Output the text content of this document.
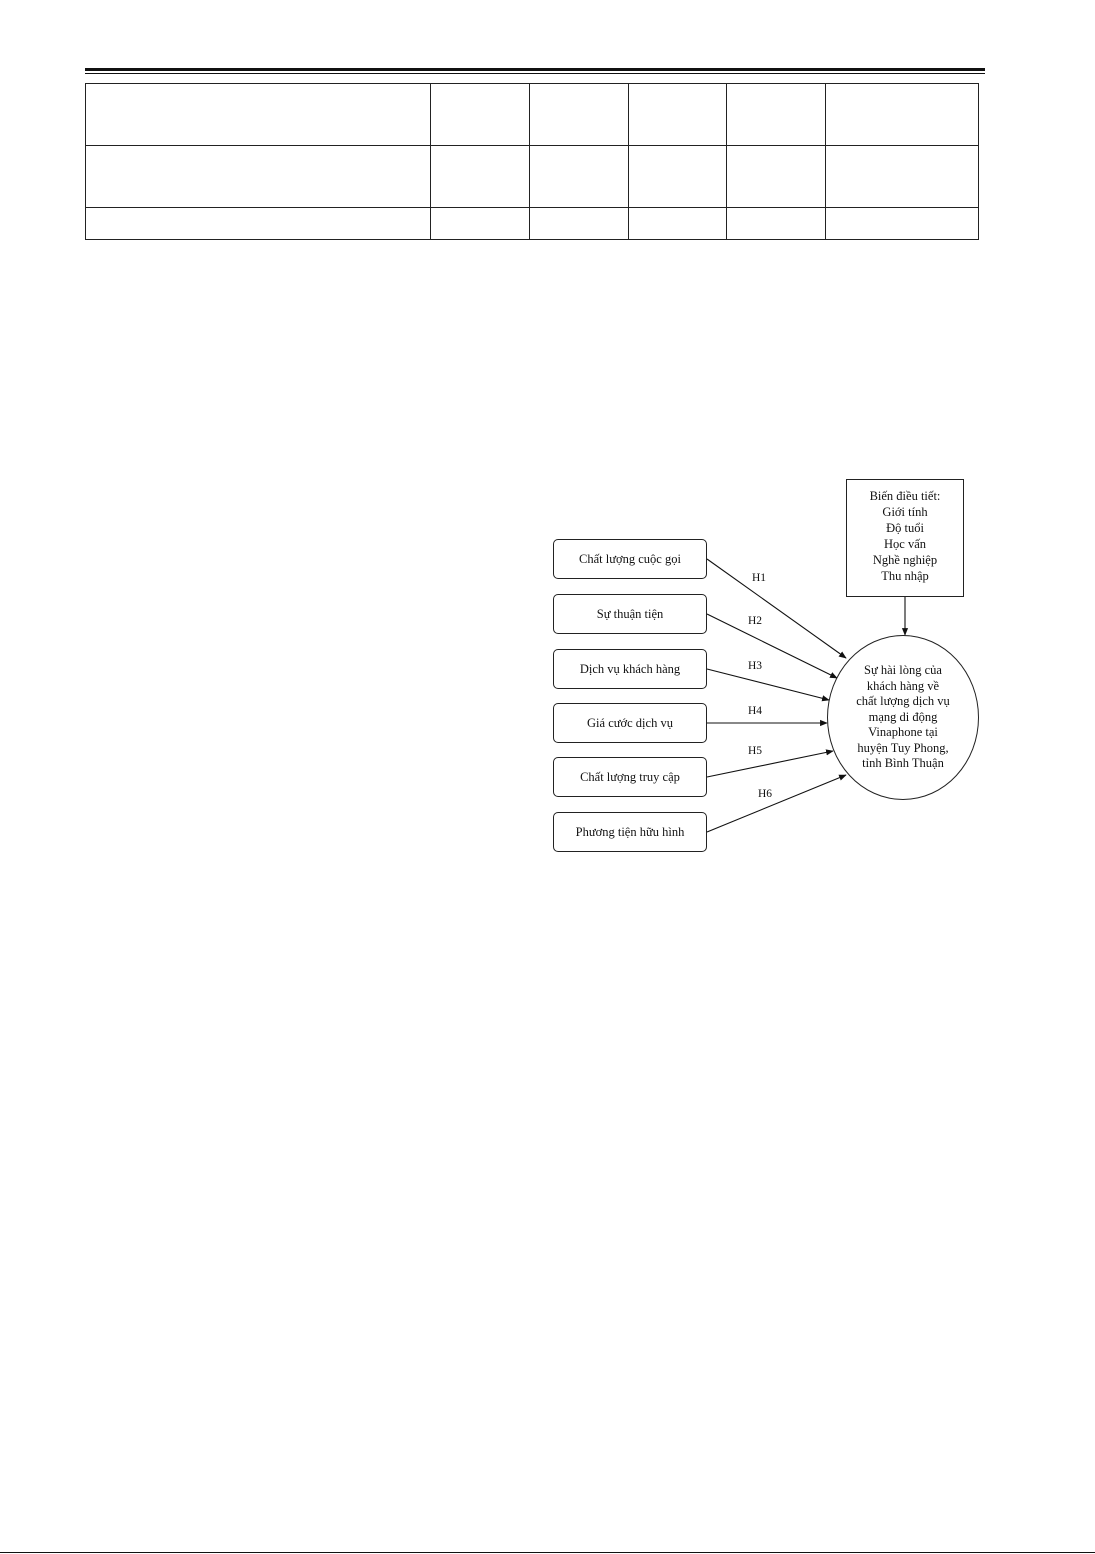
Biến điều tiết:
Giới tính
Độ tuổi
Học vấn
Nghề nghiệp
Thu nhập
Chất lượng cuộc gọi
Sự thuận tiện
Dịch vụ khách hàng
Giá cước dịch vụ
Chất lượng truy cập
Phương tiện hữu hình
H1
H2
H3
H4
H5
H6
Sự hài lòng của
khách hàng về
chất lượng dịch vụ
mạng di động
Vinaphone tại
huyện Tuy Phong,
tỉnh Bình Thuận
